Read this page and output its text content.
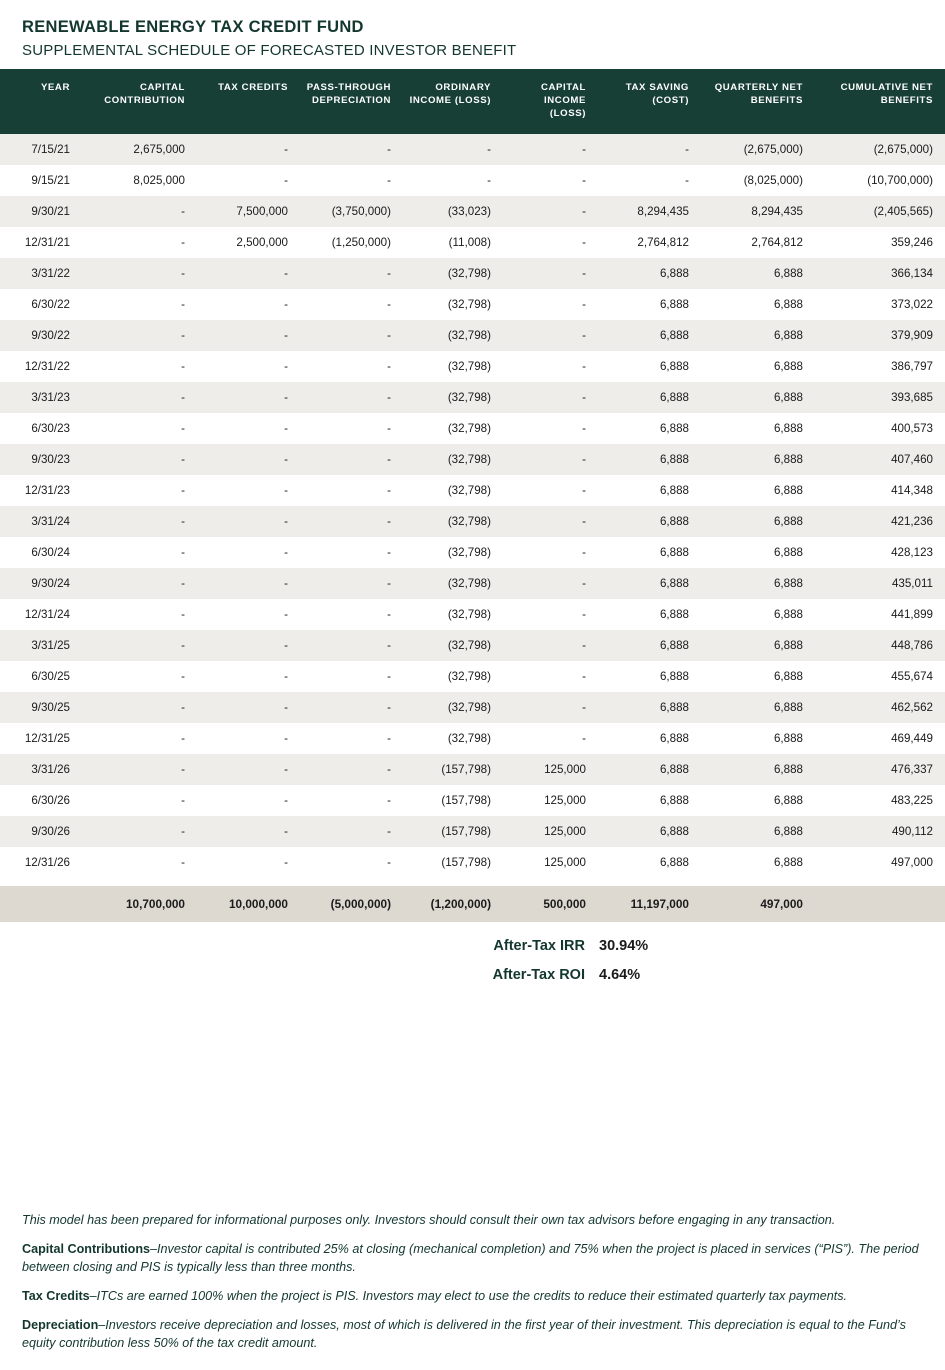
RENEWABLE ENERGY TAX CREDIT FUND
SUPPLEMENTAL SCHEDULE OF FORECASTED INVESTOR BENEFIT
YEAR	CAPITAL CONTRIBUTION	TAX CREDITS	PASS-THROUGH DEPRECIATION	ORDINARY INCOME (LOSS)	CAPITAL INCOME (LOSS)	TAX SAVING (COST)	QUARTERLY NET BENEFITS	CUMULATIVE NET BENEFITS
7/15/21	2,675,000	-	-	-	-	-	(2,675,000)	(2,675,000)
9/15/21	8,025,000	-	-	-	-	-	(8,025,000)	(10,700,000)
9/30/21	-	7,500,000	(3,750,000)	(33,023)	-	8,294,435	8,294,435	(2,405,565)
12/31/21	-	2,500,000	(1,250,000)	(11,008)	-	2,764,812	2,764,812	359,246
3/31/22	-	-	-	(32,798)	-	6,888	6,888	366,134
6/30/22	-	-	-	(32,798)	-	6,888	6,888	373,022
9/30/22	-	-	-	(32,798)	-	6,888	6,888	379,909
12/31/22	-	-	-	(32,798)	-	6,888	6,888	386,797
3/31/23	-	-	-	(32,798)	-	6,888	6,888	393,685
6/30/23	-	-	-	(32,798)	-	6,888	6,888	400,573
9/30/23	-	-	-	(32,798)	-	6,888	6,888	407,460
12/31/23	-	-	-	(32,798)	-	6,888	6,888	414,348
3/31/24	-	-	-	(32,798)	-	6,888	6,888	421,236
6/30/24	-	-	-	(32,798)	-	6,888	6,888	428,123
9/30/24	-	-	-	(32,798)	-	6,888	6,888	435,011
12/31/24	-	-	-	(32,798)	-	6,888	6,888	441,899
3/31/25	-	-	-	(32,798)	-	6,888	6,888	448,786
6/30/25	-	-	-	(32,798)	-	6,888	6,888	455,674
9/30/25	-	-	-	(32,798)	-	6,888	6,888	462,562
12/31/25	-	-	-	(32,798)	-	6,888	6,888	469,449
3/31/26	-	-	-	(157,798)	125,000	6,888	6,888	476,337
6/30/26	-	-	-	(157,798)	125,000	6,888	6,888	483,225
9/30/26	-	-	-	(157,798)	125,000	6,888	6,888	490,112
12/31/26	-	-	-	(157,798)	125,000	6,888	6,888	497,000

	10,700,000	10,000,000	(5,000,000)	(1,200,000)	500,000	11,197,000	497,000	
After-Tax IRR 30.94%
After-Tax ROI 4.64%

This model has been prepared for informational purposes only. Investors should consult their own tax advisors before engaging in any transaction.

Capital Contributions–Investor capital is contributed 25% at closing (mechanical completion) and 75% when the project is placed in services (“PIS”). The period between closing and PIS is typically less than three months.

Tax Credits–ITCs are earned 100% when the project is PIS. Investors may elect to use the credits to reduce their estimated quarterly tax payments.

Depreciation–Investors receive depreciation and losses, most of which is delivered in the first year of their investment. This depreciation is equal to the Fund’s equity contribution less 50% of the tax credit amount.
